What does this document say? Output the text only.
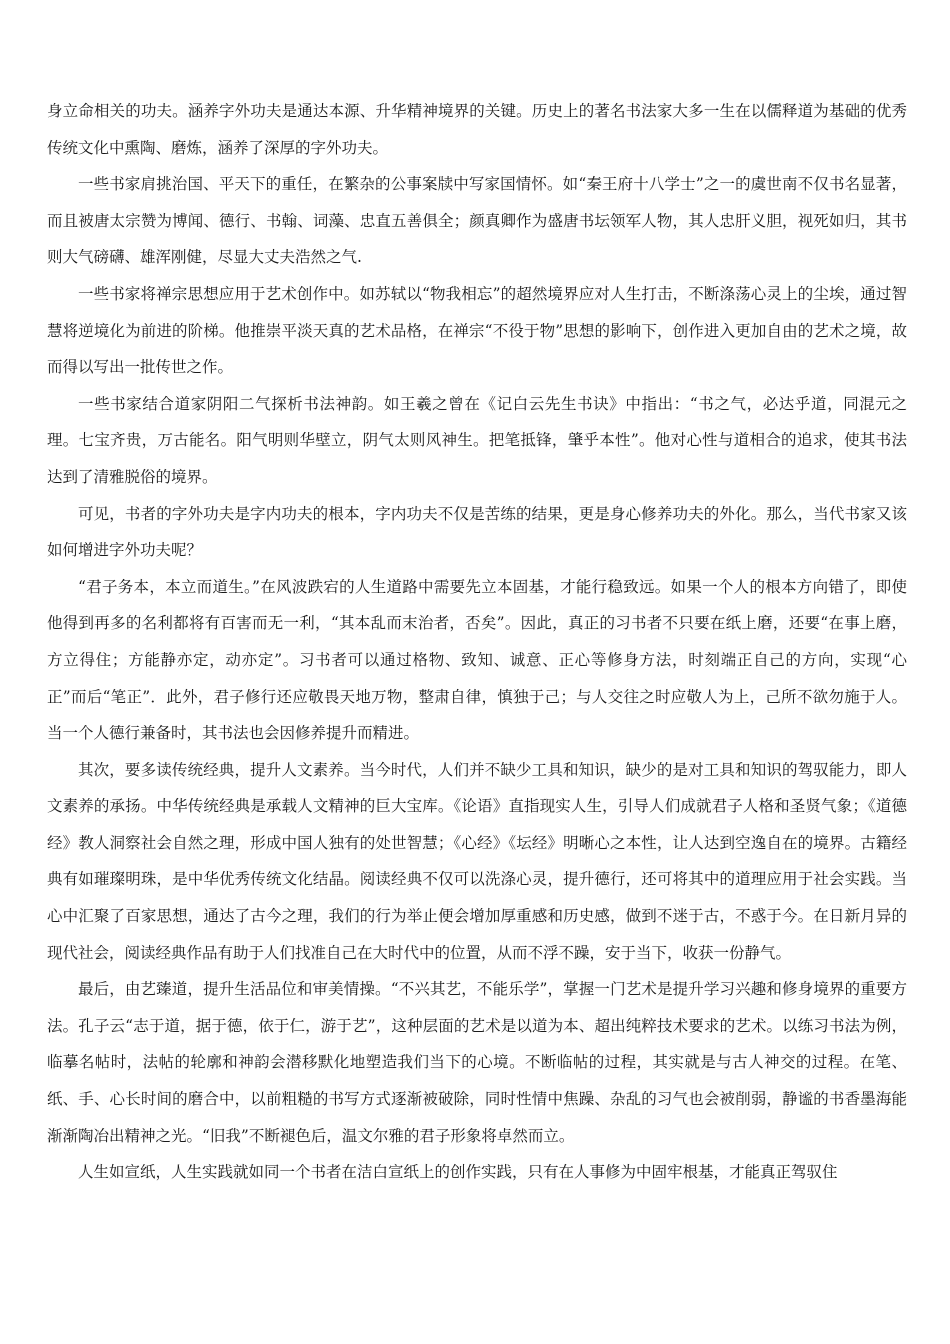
身立命相关的功夫。涵养字外功夫是通达本源、升华精神境界的关键。历史上的著名书法家大多一生在以儒释道为基础的优秀传统文化中熏陶、磨炼，涵养了深厚的字外功夫。

一些书家肩挑治国、平天下的重任，在繁杂的公事案牍中写家国情怀。如“秦王府十八学士”之一的虞世南不仅书名显著，而且被唐太宗赞为博闻、德行、书翰、词藻、忠直五善俱全；颜真卿作为盛唐书坛领军人物，其人忠肝义胆，视死如归，其书则大气磅礴、雄浑刚健，尽显大丈夫浩然之气.

一些书家将禅宗思想应用于艺术创作中。如苏轼以“物我相忘”的超然境界应对人生打击，不断涤荡心灵上的尘埃，通过智慧将逆境化为前进的阶梯。他推崇平淡天真的艺术品格，在禅宗“不役于物”思想的影响下，创作进入更加自由的艺术之境，故而得以写出一批传世之作。

一些书家结合道家阴阳二气探析书法神韵。如王羲之曾在《记白云先生书诀》中指出：“书之气，必达乎道，同混元之理。七宝齐贵，万古能名。阳气明则华壁立，阴气太则风神生。把笔抵锋，肇乎本性”。他对心性与道相合的追求，使其书法达到了清雅脱俗的境界。

可见，书者的字外功夫是字内功夫的根本，字内功夫不仅是苦练的结果，更是身心修养功夫的外化。那么，当代书家又该如何增进字外功夫呢？

“君子务本，本立而道生。”在风波跌宕的人生道路中需要先立本固基，才能行稳致远。如果一个人的根本方向错了，即使他得到再多的名利都将有百害而无一利，“其本乱而末治者，否矣”。因此，真正的习书者不只要在纸上磨，还要“在事上磨，方立得住；方能静亦定，动亦定”。习书者可以通过格物、致知、诚意、正心等修身方法，时刻端正自己的方向，实现“心正”而后“笔正”．此外，君子修行还应敬畏天地万物，整肃自律，慎独于己；与人交往之时应敬人为上，己所不欲勿施于人。当一个人德行兼备时，其书法也会因修养提升而精进。

其次，要多读传统经典，提升人文素养。当今时代，人们并不缺少工具和知识，缺少的是对工具和知识的驾驭能力，即人文素养的承扬。中华传统经典是承载人文精神的巨大宝库。《论语》直指现实人生，引导人们成就君子人格和圣贤气象；《道德经》教人洞察社会自然之理，形成中国人独有的处世智慧；《心经》《坛经》明晰心之本性，让人达到空逸自在的境界。古籍经典有如璀璨明珠，是中华优秀传统文化结晶。阅读经典不仅可以洗涤心灵，提升德行，还可将其中的道理应用于社会实践。当心中汇聚了百家思想，通达了古今之理，我们的行为举止便会增加厚重感和历史感，做到不迷于古，不惑于今。在日新月异的现代社会，阅读经典作品有助于人们找准自己在大时代中的位置，从而不浮不躁，安于当下，收获一份静气。

最后，由艺臻道，提升生活品位和审美情操。“不兴其艺，不能乐学”，掌握一门艺术是提升学习兴趣和修身境界的重要方法。孔子云“志于道，据于德，依于仁，游于艺”，这种层面的艺术是以道为本、超出纯粹技术要求的艺术。以练习书法为例，临摹名帖时，法帖的轮廓和神韵会潜移默化地塑造我们当下的心境。不断临帖的过程，其实就是与古人神交的过程。在笔、纸、手、心长时间的磨合中，以前粗糙的书写方式逐渐被破除，同时性情中焦躁、杂乱的习气也会被削弱，静谧的书香墨海能渐渐陶冶出精神之光。“旧我”不断褪色后，温文尔雅的君子形象将卓然而立。

人生如宣纸，人生实践就如同一个书者在洁白宣纸上的创作实践，只有在人事修为中固牢根基，才能真正驾驭住
